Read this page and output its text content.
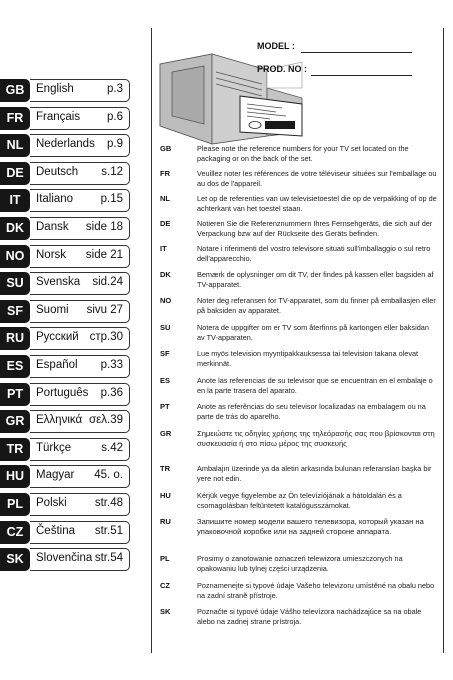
GB	English	p.3
FR	Français p.6
NL	Nederlands p.9
DE	Deutsch s.12
IT	Italiano p.15
DK	Dansk side 18
NO	Norsk side 21
SU	Svenska sid.24
SF	Suomi sivu 27
RU	Русский стр.30
ES	Español p.33
PT	Português p.36
GR	Ελληνικά σελ.39
TR	Türkçe	s.42
HU	Magyar 45. o.
PL	Polski str.48
CZ	Čeština str.51
SK	Slovenčina str.54
MODEL :
PROD. NO :
GB	Please note the reference numbers for your TV set located on the packaging or on the back of the set.
FR	Veuillez noter les références de votre téléviseur situées sur l'emballage ou au dos de l'appareil.
NL	Let op de referenties van uw televisietoestel die op de verpakking of op de achterkant van het toestel staan.
DE	Notieren Sie die Referenznummern Ihres Fernsehgeräts, die sich auf der Verpackung bzw auf der Rückseite des Geräts befinden.
IT	Notare i riferimenti del vostro televisore situati sull'imballaggio o sul retro dell'apparecchio.
DK	Bemærk de oplysninger om dit TV, der findes på kassen eller bagsiden af TV-apparatet.
NO	Noter deg referansen for TV-apparatet, som du finner på emballasjen eller på baksiden av apparatet.
SU	Notera de uppgifter om er TV som återfinns på kartongen eller baksidan av TV-apparaten.
SF	Lue myös television myyntipakkauksessa tai television takana olevat merkinnät.
ES	Anote las referencias de su televisor que se encuentran en el embalaje o en la parte trasera del aparato.
PT	Anote as referências do seu televisor localizadas na embalagem ou na parte de trás do aparelho.
GR	Σημειώστε τις οδηγίες χρήσης της τηλεόρασής σας που βρίσκονται στη συσκευασία ή στο πίσω μέρος της συσκευής
TR	Ambalajın üzerinde ya da aletin arkasında bulunan referansları başka bir yere not edin.
HU	Kérjük vegye figyelembe az Ön televíziójának a hátoldalán és a csomagolásban feltüntetett katalógusszámokat.
RU	Запишите номер модели вашего телевизора, который указан на упаковочной коробке или на задней стороне аппарата.
PL	Prosimy o zanotowanie oznaczeń telewizora umieszczonych na opakowaniu lub tylnej części urządzenia.
CZ	Poznamenejte si typové údaje Vašeho televizoru umístěné na obalu nebo na zadní straně přístroje.
SK	Poznačte si typové údaje Vášho televízora nachádzajúce sa na obale alebo na zadnej strane prístroja.
